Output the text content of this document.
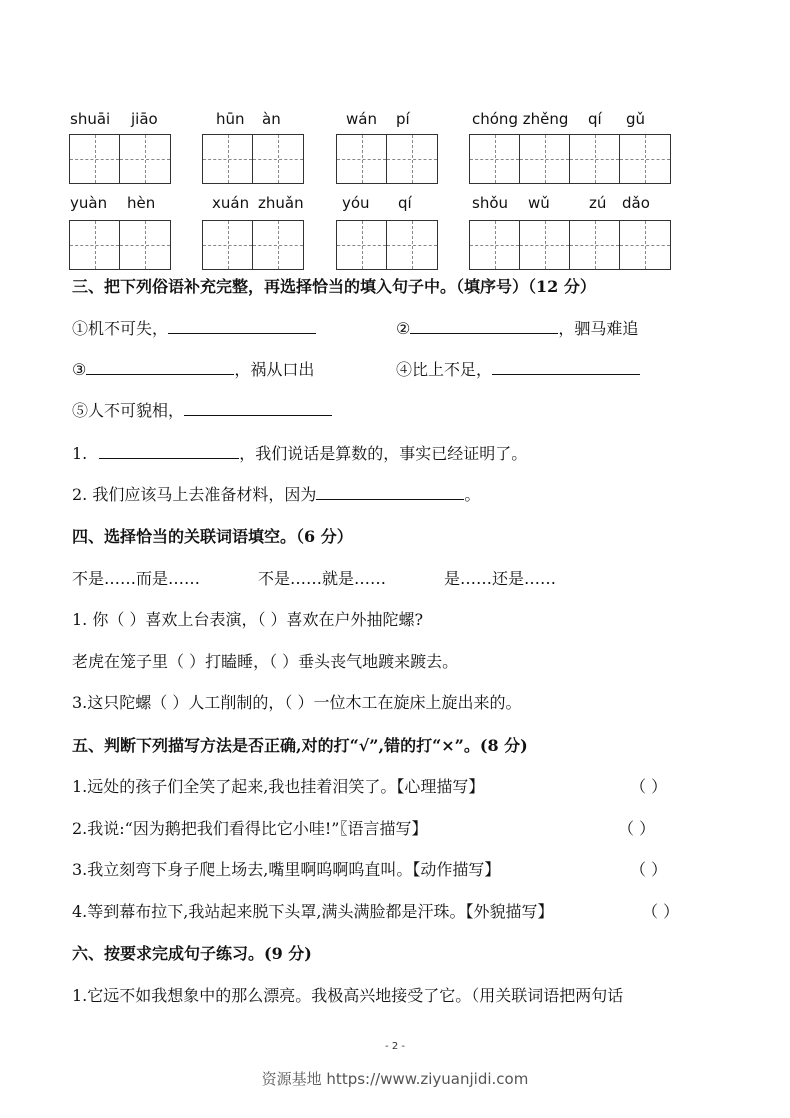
shuāi jiāo	hūn àn	wán pí	chóng zhěng qí gǔ
yuàn hèn	xuán zhuǎn	yóu qí	shǒu wǔ	zú dǎo
三、把下列俗语补充完整，再选择恰当的填入句子中。（填序号）（12 分）
①机不可失，	②	，驷马难追
③	，祸从口出	④比上不足，
⑤人不可貌相，
1.	，我们说话是算数的，事实已经证明了。
2. 我们应该马上去准备材料，因为	。
四、选择恰当的关联词语填空。（6 分）
不是……而是……	不是……就是……	是……还是……
1. 你（ ）喜欢上台表演，（ ）喜欢在户外抽陀螺?
老虎在笼子里（ ）打瞌睡，（ ）垂头丧气地踱来踱去。
3.这只陀螺（ ）人工削制的，（ ）一位木工在旋床上旋出来的。
五、判断下列描写方法是否正确,对的打“√”,错的打“×”。(8 分)
1.远处的孩子们全笑了起来,我也挂着泪笑了。【心理描写】	（ ）
2.我说:“因为鹅把我们看得比它小哇!”〖语言描写】	（ ）
3.我立刻弯下身子爬上场去,嘴里啊呜啊呜直叫。【动作描写】	（ ）
4.等到幕布拉下,我站起来脱下头罩,满头满脸都是汗珠。【外貌描写】	（ ）
六、按要求完成句子练习。(9 分)
1.它远不如我想象中的那么漂亮。我极高兴地接受了它。（用关联词语把两句话
- 2 -
资源基地 https://www.ziyuanjidi.com
